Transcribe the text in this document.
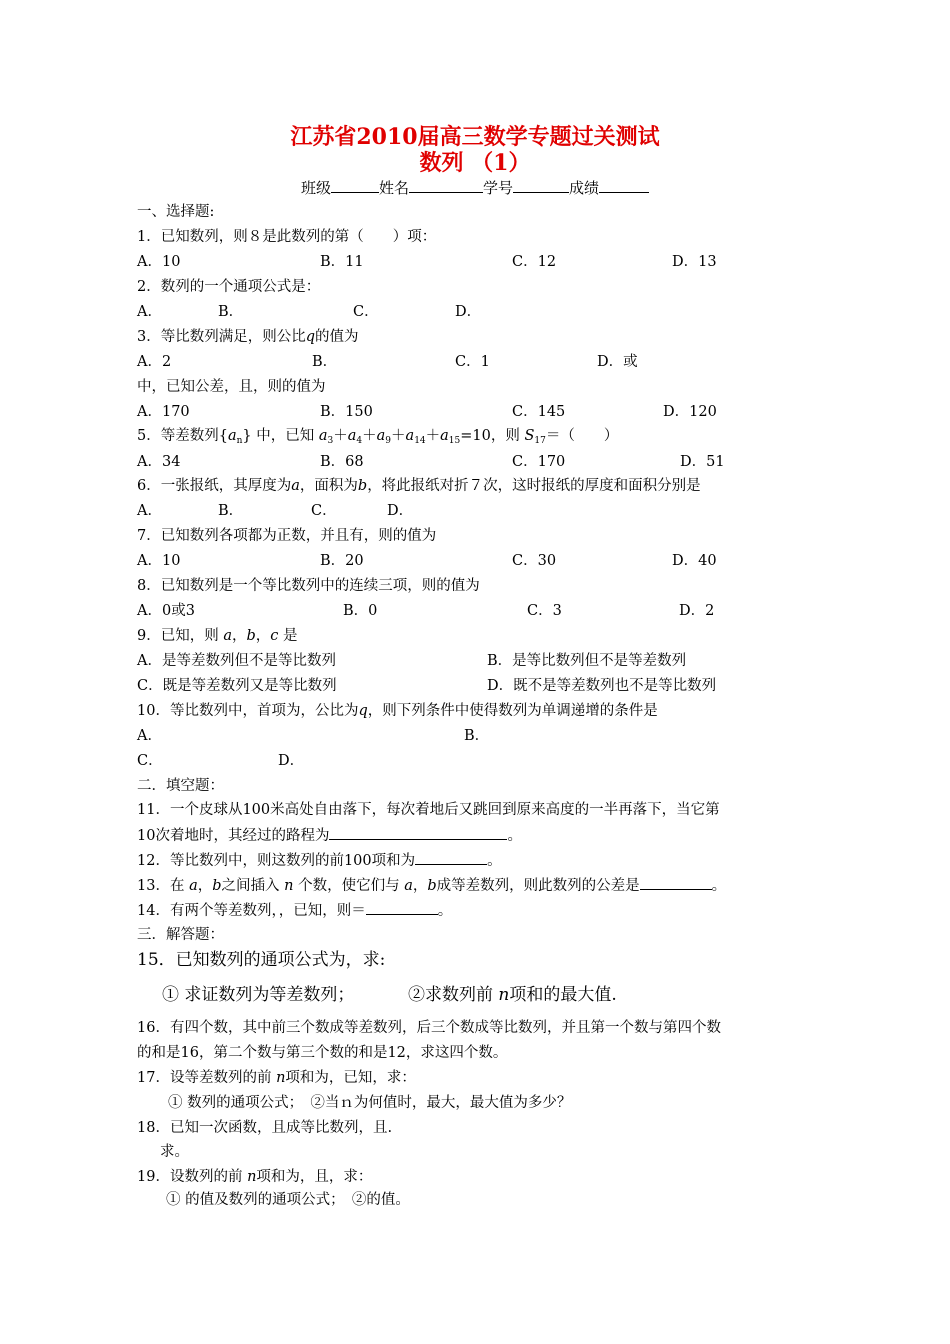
江苏省2010届高三数学专题过关测试
数列 （1）
班级	姓名	学号	成绩
一、选择题:
1．已知数列，则８是此数列的第（　　）项：
A．10	B．11	C．12	D．13
2．数列的一个通项公式是：
A．	B．	C．	D．
3．等比数列满足，则公比q的值为
A．2	B．	C．1	D．或
中，已知公差，且，则的值为
A．170	B．150	C．145	D．120
5．等差数列$\{a_n\}$ 中，已知 $a_3+a_4+a_9+a_{14}+a_{15}=10$，则 $S_{17}=$（　　）
A．34	B．68	C．170	D．51
6．一张报纸，其厚度为a，面积为b，将此报纸对折７次，这时报纸的厚度和面积分别是
A．	B．	C．	D．
7．已知数列各项都为正数，并且有，则的值为
A．10	B．20	C．30	D．40
8．已知数列是一个等比数列中的连续三项，则的值为
A．0或3	B．0	C．3	D．2
9．已知，则 a，b，c 是
A．是等差数列但不是等比数列	B．是等比数列但不是等差数列
C．既是等差数列又是等比数列	D．既不是等差数列也不是等比数列
10．等比数列中，首项为，公比为q，则下列条件中使得数列为单调递增的条件是
A．	B．
C．	D．
二．填空题：
11．一个皮球从100米高处自由落下，每次着地后又跳回到原来高度的一半再落下，当它第
10次着地时，其经过的路程为	。
12．等比数列中，则这数列的前100项和为	。
13．在 a，b之间插入 n 个数，使它们与 a，b成等差数列，则此数列的公差是	。
14．有两个等差数列，，已知，则＝	。
三．解答题：
15．已知数列的通项公式为，求:
① 求证数列为等差数列；	②求数列前 n项和的最大值.
16．有四个数，其中前三个数成等差数列，后三个数成等比数列，并且第一个数与第四个数
的和是16，第二个数与第三个数的和是12，求这四个数。
17．设等差数列的前 n项和为，已知，求：
① 数列的通项公式；　②当ｎ为何值时，最大，最大值为多少？
18．已知一次函数，且成等比数列，且.
求。
19．设数列的前 n项和为，且，求：
① 的值及数列的通项公式；　②的值。
